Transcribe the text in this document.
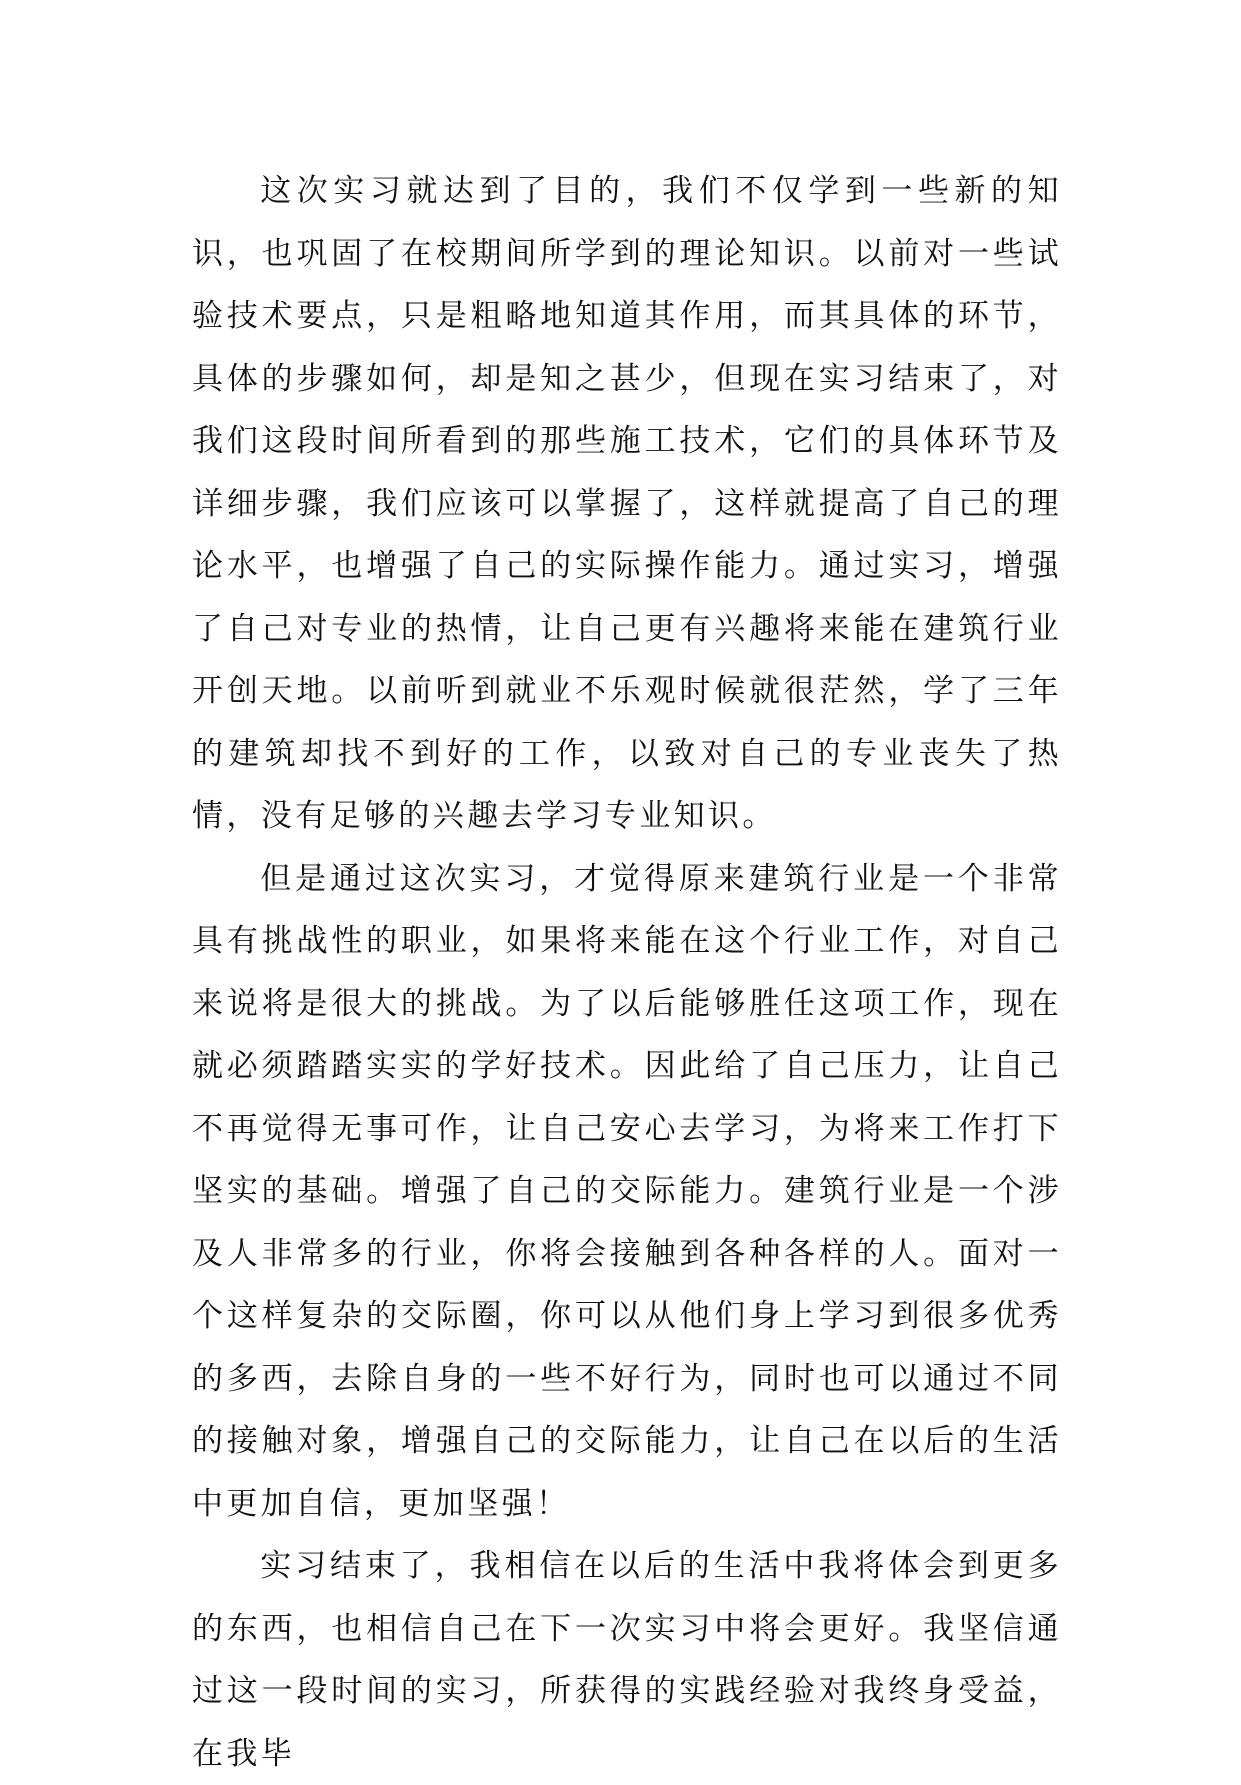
这次实习就达到了目的，我们不仅学到一些新的知识，也巩固了在校期间所学到的理论知识。以前对一些试验技术要点，只是粗略地知道其作用，而其具体的环节，具体的步骤如何，却是知之甚少，但现在实习结束了，对我们这段时间所看到的那些施工技术，它们的具体环节及详细步骤，我们应该可以掌握了，这样就提高了自己的理论水平，也增强了自己的实际操作能力。通过实习，增强了自己对专业的热情，让自己更有兴趣将来能在建筑行业开创天地。以前听到就业不乐观时候就很茫然，学了三年的建筑却找不到好的工作，以致对自己的专业丧失了热情，没有足够的兴趣去学习专业知识。

但是通过这次实习，才觉得原来建筑行业是一个非常具有挑战性的职业，如果将来能在这个行业工作，对自己来说将是很大的挑战。为了以后能够胜任这项工作，现在就必须踏踏实实的学好技术。因此给了自己压力，让自己不再觉得无事可作，让自己安心去学习，为将来工作打下坚实的基础。增强了自己的交际能力。建筑行业是一个涉及人非常多的行业，你将会接触到各种各样的人。面对一个这样复杂的交际圈，你可以从他们身上学习到很多优秀的多西，去除自身的一些不好行为，同时也可以通过不同的接触对象，增强自己的交际能力，让自己在以后的生活中更加自信，更加坚强！

实习结束了，我相信在以后的生活中我将体会到更多的东西，也相信自己在下一次实习中将会更好。我坚信通过这一段时间的实习，所获得的实践经验对我终身受益，在我毕
